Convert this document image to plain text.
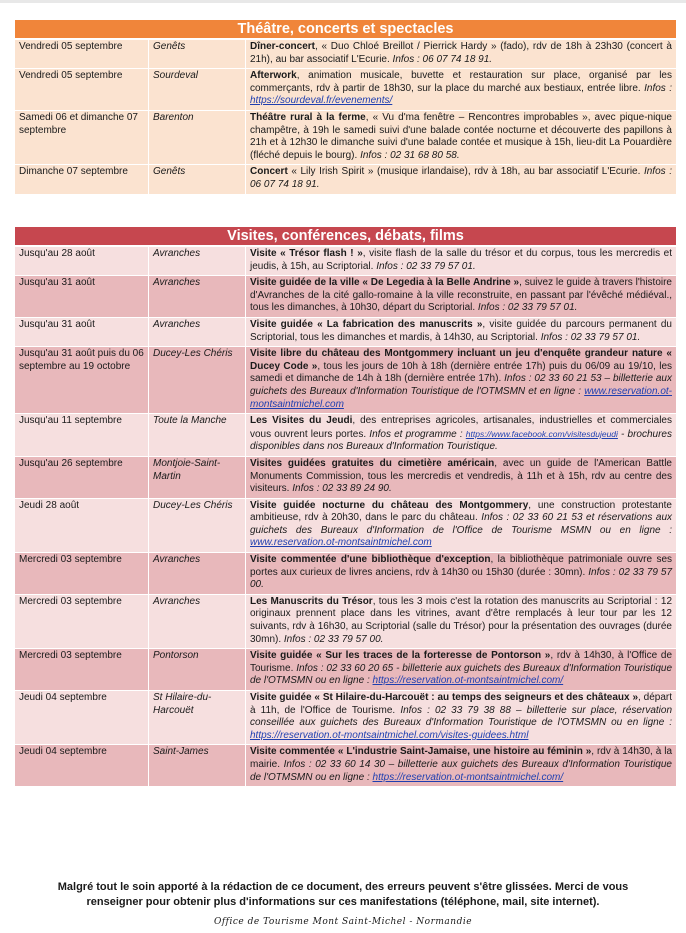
Théâtre, concerts et spectacles
Vendredi 05 septembre	Genêts	Dîner-concert, « Duo Chloé Breillot / Pierrick Hardy » (fado), rdv de 18h à 23h30 (concert à 21h), au bar associatif L'Ecurie. Infos : 06 07 74 18 91.
Vendredi 05 septembre	Sourdeval	Afterwork, animation musicale, buvette et restauration sur place, organisé par les commerçants, rdv à partir de 18h30, sur la place du marché aux bestiaux, entrée libre. Infos : https://sourdeval.fr/evenements/
Samedi 06 et dimanche 07 septembre	Barenton	Théâtre rural à la ferme, « Vu d'ma fenêtre – Rencontres improbables », avec pique-nique champêtre, à 19h le samedi suivi d'une balade contée nocturne et découverte des papillons à 21h et à 12h30 le dimanche suivi d'une balade contée et musique à 15h, lieu-dit La Pouardière (fléché depuis le bourg). Infos : 02 31 68 80 58.
Dimanche 07 septembre	Genêts	Concert « Lily Irish Spirit » (musique irlandaise), rdv à 18h, au bar associatif L'Ecurie. Infos : 06 07 74 18 91.
Visites, conférences, débats, films
Jusqu'au 28 août	Avranches	Visite « Trésor flash ! », visite flash de la salle du trésor et du corpus, tous les mercredis et jeudis, à 15h, au Scriptorial. Infos : 02 33 79 57 01.
Jusqu'au 31 août	Avranches	Visite guidée de la ville « De Legedia à la Belle Andrine », suivez le guide à travers l'histoire d'Avranches de la cité gallo-romaine à la ville reconstruite, en passant par l'évêché médiéval., tous les dimanches, à 10h30, départ du Scriptorial. Infos : 02 33 79 57 01.
Jusqu'au 31 août	Avranches	Visite guidée « La fabrication des manuscrits », visite guidée du parcours permanent du Scriptorial, tous les dimanches et mardis, à 14h30, au Scriptorial. Infos : 02 33 79 57 01.
Jusqu'au 31 août puis du 06 septembre au 19 octobre	Ducey-Les Chéris	Visite libre du château des Montgommery incluant un jeu d'enquête grandeur nature « Ducey Code », tous les jours de 10h à 18h (dernière entrée 17h) puis du 06/09 au 19/10, les samedi et dimanche de 14h à 18h (dernière entrée 17h). Infos : 02 33 60 21 53 – billetterie aux guichets des Bureaux d'Information Touristique de l'OTMSMN et en ligne : www.reservation.ot-montsaintmichel.com
Jusqu'au 11 septembre	Toute la Manche	Les Visites du Jeudi, des entreprises agricoles, artisanales, industrielles et commerciales vous ouvrent leurs portes. Infos et programme : https://www.facebook.com/visitesdujeudi - brochures disponibles dans nos Bureaux d'Information Touristique.
Jusqu'au 26 septembre	Montjoie-Saint-Martin	Visites guidées gratuites du cimetière américain, avec un guide de l'American Battle Monuments Commission, tous les mercredis et vendredis, à 11h et à 15h, rdv au centre des visiteurs. Infos : 02 33 89 24 90.
Jeudi 28 août	Ducey-Les Chéris	Visite guidée nocturne du château des Montgommery, une construction protestante ambitieuse, rdv à 20h30, dans le parc du château. Infos : 02 33 60 21 53 et réservations aux guichets des Bureaux d'Information de l'Office de Tourisme MSMN ou en ligne : www.reservation.ot-montsaintmichel.com
Mercredi 03 septembre	Avranches	Visite commentée d'une bibliothèque d'exception, la bibliothèque patrimoniale ouvre ses portes aux curieux de livres anciens, rdv à 14h30 ou 15h30 (durée : 30mn). Infos : 02 33 79 57 00.
Mercredi 03 septembre	Avranches	Les Manuscrits du Trésor, tous les 3 mois c'est la rotation des manuscrits au Scriptorial : 12 originaux prennent place dans les vitrines, avant d'être remplacés à leur tour par les 12 suivants, rdv à 16h30, au Scriptorial (salle du Trésor) pour la présentation des ouvrages (durée 30mn). Infos : 02 33 79 57 00.
Mercredi 03 septembre	Pontorson	Visite guidée « Sur les traces de la forteresse de Pontorson », rdv à 14h30, à l'Office de Tourisme. Infos : 02 33 60 20 65 - billetterie aux guichets des Bureaux d'Information Touristique de l'OTMSMN ou en ligne : https://reservation.ot-montsaintmichel.com/
Jeudi 04 septembre	St Hilaire-du-Harcouët	Visite guidée « St Hilaire-du-Harcouët : au temps des seigneurs et des châteaux », départ à 11h, de l'Office de Tourisme. Infos : 02 33 79 38 88 – billetterie sur place, réservation conseillée aux guichets des Bureaux d'Information Touristique de l'OTMSMN ou en ligne : https://reservation.ot-montsaintmichel.com/visites-guidees.html
Jeudi 04 septembre	Saint-James	Visite commentée « L'industrie Saint-Jamaise, une histoire au féminin », rdv à 14h30, à la mairie. Infos : 02 33 60 14 30 – billetterie aux guichets des Bureaux d'Information Touristique de l'OTMSMN ou en ligne : https://reservation.ot-montsaintmichel.com/
Malgré tout le soin apporté à la rédaction de ce document, des erreurs peuvent s'être glissées. Merci de vous
renseigner pour obtenir plus d'informations sur ces manifestations (téléphone, mail, site internet).
Office de Tourisme Mont Saint-Michel - Normandie
